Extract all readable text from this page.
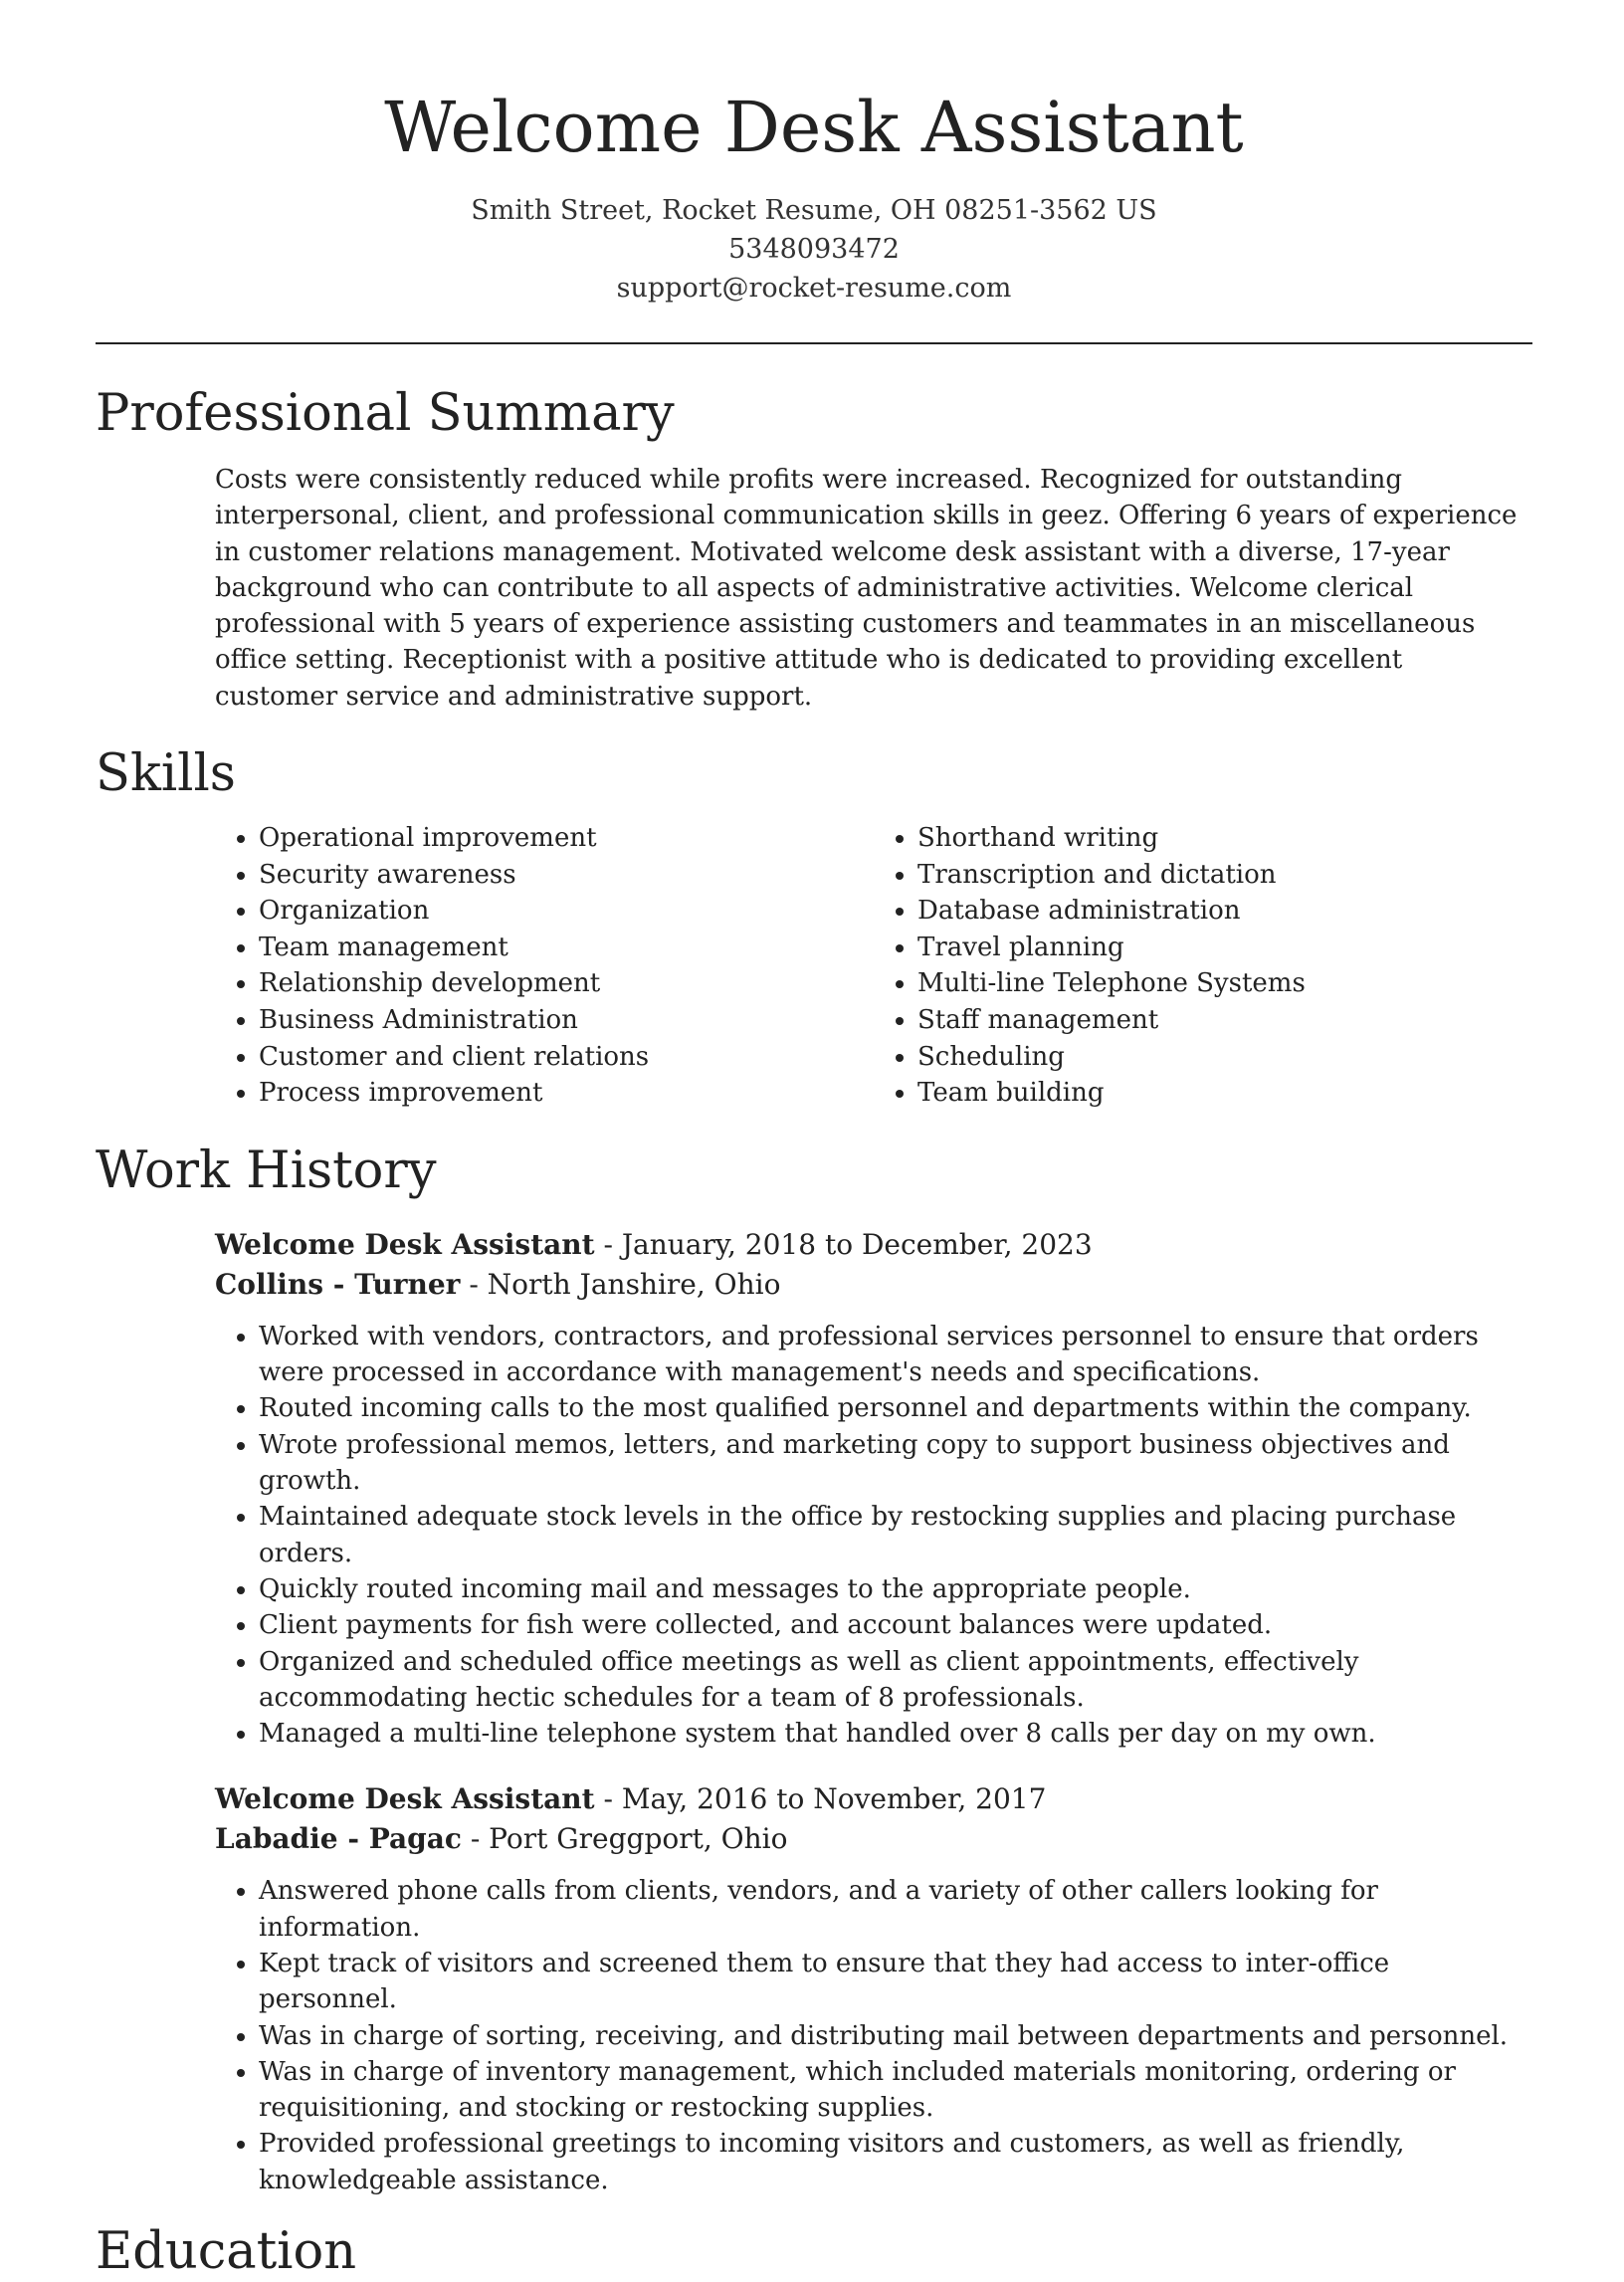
Welcome Desk Assistant
Smith Street, Rocket Resume, OH 08251-3562 US
5348093472
support@rocket-resume.com
Professional Summary

Costs were consistently reduced while profits were increased. Recognized for outstanding interpersonal, client, and professional communication skills in geez. Offering 6 years of experience in customer relations management. Motivated welcome desk assistant with a diverse, 17-year background who can contribute to all aspects of administrative activities. Welcome clerical professional with 5 years of experience assisting customers and teammates in an miscellaneous office setting. Receptionist with a positive attitude who is dedicated to providing excellent customer service and administrative support.

Skills
• Operational improvement
• Security awareness
• Organization
• Team management
• Relationship development
• Business Administration
• Customer and client relations
• Process improvement
• Shorthand writing
• Transcription and dictation
• Database administration
• Travel planning
• Multi-line Telephone Systems
• Staff management
• Scheduling
• Team building
Work History
Welcome Desk Assistant - January, 2018 to December, 2023
Collins - Turner - North Janshire, Ohio
• Worked with vendors, contractors, and professional services personnel to ensure that orders were processed in accordance with management's needs and specifications.
• Routed incoming calls to the most qualified personnel and departments within the company.
• Wrote professional memos, letters, and marketing copy to support business objectives and growth.
• Maintained adequate stock levels in the office by restocking supplies and placing purchase orders.
• Quickly routed incoming mail and messages to the appropriate people.
• Client payments for fish were collected, and account balances were updated.
• Organized and scheduled office meetings as well as client appointments, effectively accommodating hectic schedules for a team of 8 professionals.
• Managed a multi-line telephone system that handled over 8 calls per day on my own.
Welcome Desk Assistant - May, 2016 to November, 2017
Labadie - Pagac - Port Greggport, Ohio
• Answered phone calls from clients, vendors, and a variety of other callers looking for information.
• Kept track of visitors and screened them to ensure that they had access to inter-office personnel.
• Was in charge of sorting, receiving, and distributing mail between departments and personnel.
• Was in charge of inventory management, which included materials monitoring, ordering or requisitioning, and stocking or restocking supplies.
• Provided professional greetings to incoming visitors and customers, as well as friendly, knowledgeable assistance.
Education
